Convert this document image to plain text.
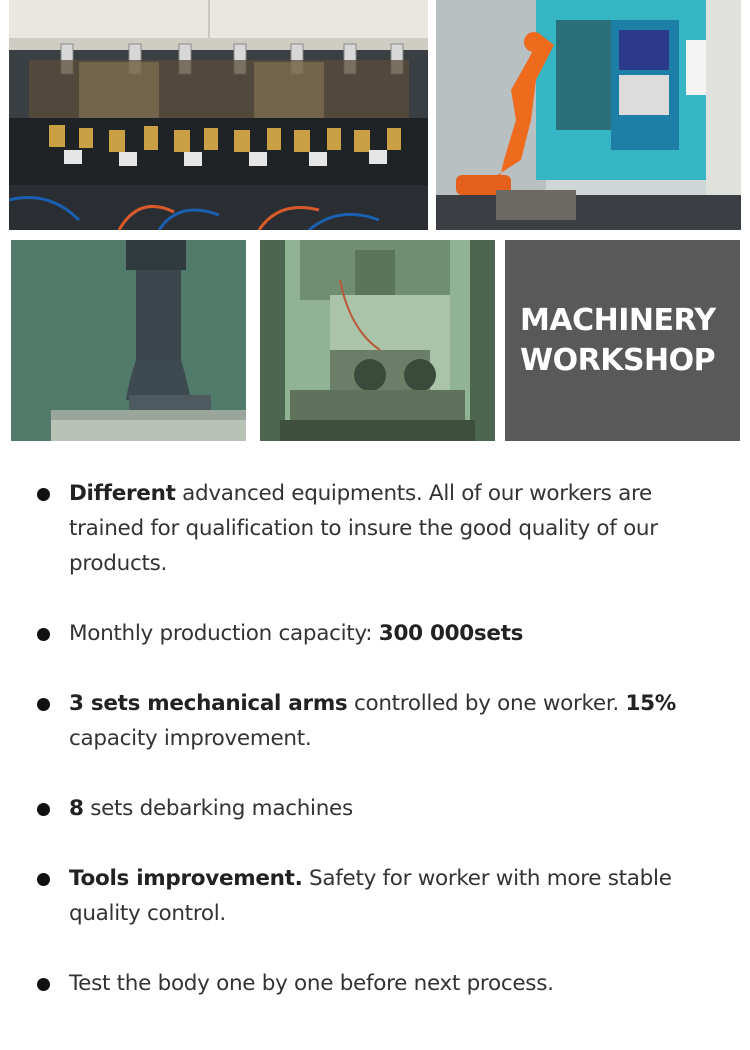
MACHINERY
WORKSHOP
Different advanced equipments. All of our workers are trained for qualification to insure the good quality of our products.
Monthly production capacity: 300 000sets
3 sets mechanical arms controlled by one worker. 15% capacity improvement.
8 sets debarking machines
Tools improvement. Safety for worker with more stable quality control.
Test the body one by one before next process.
